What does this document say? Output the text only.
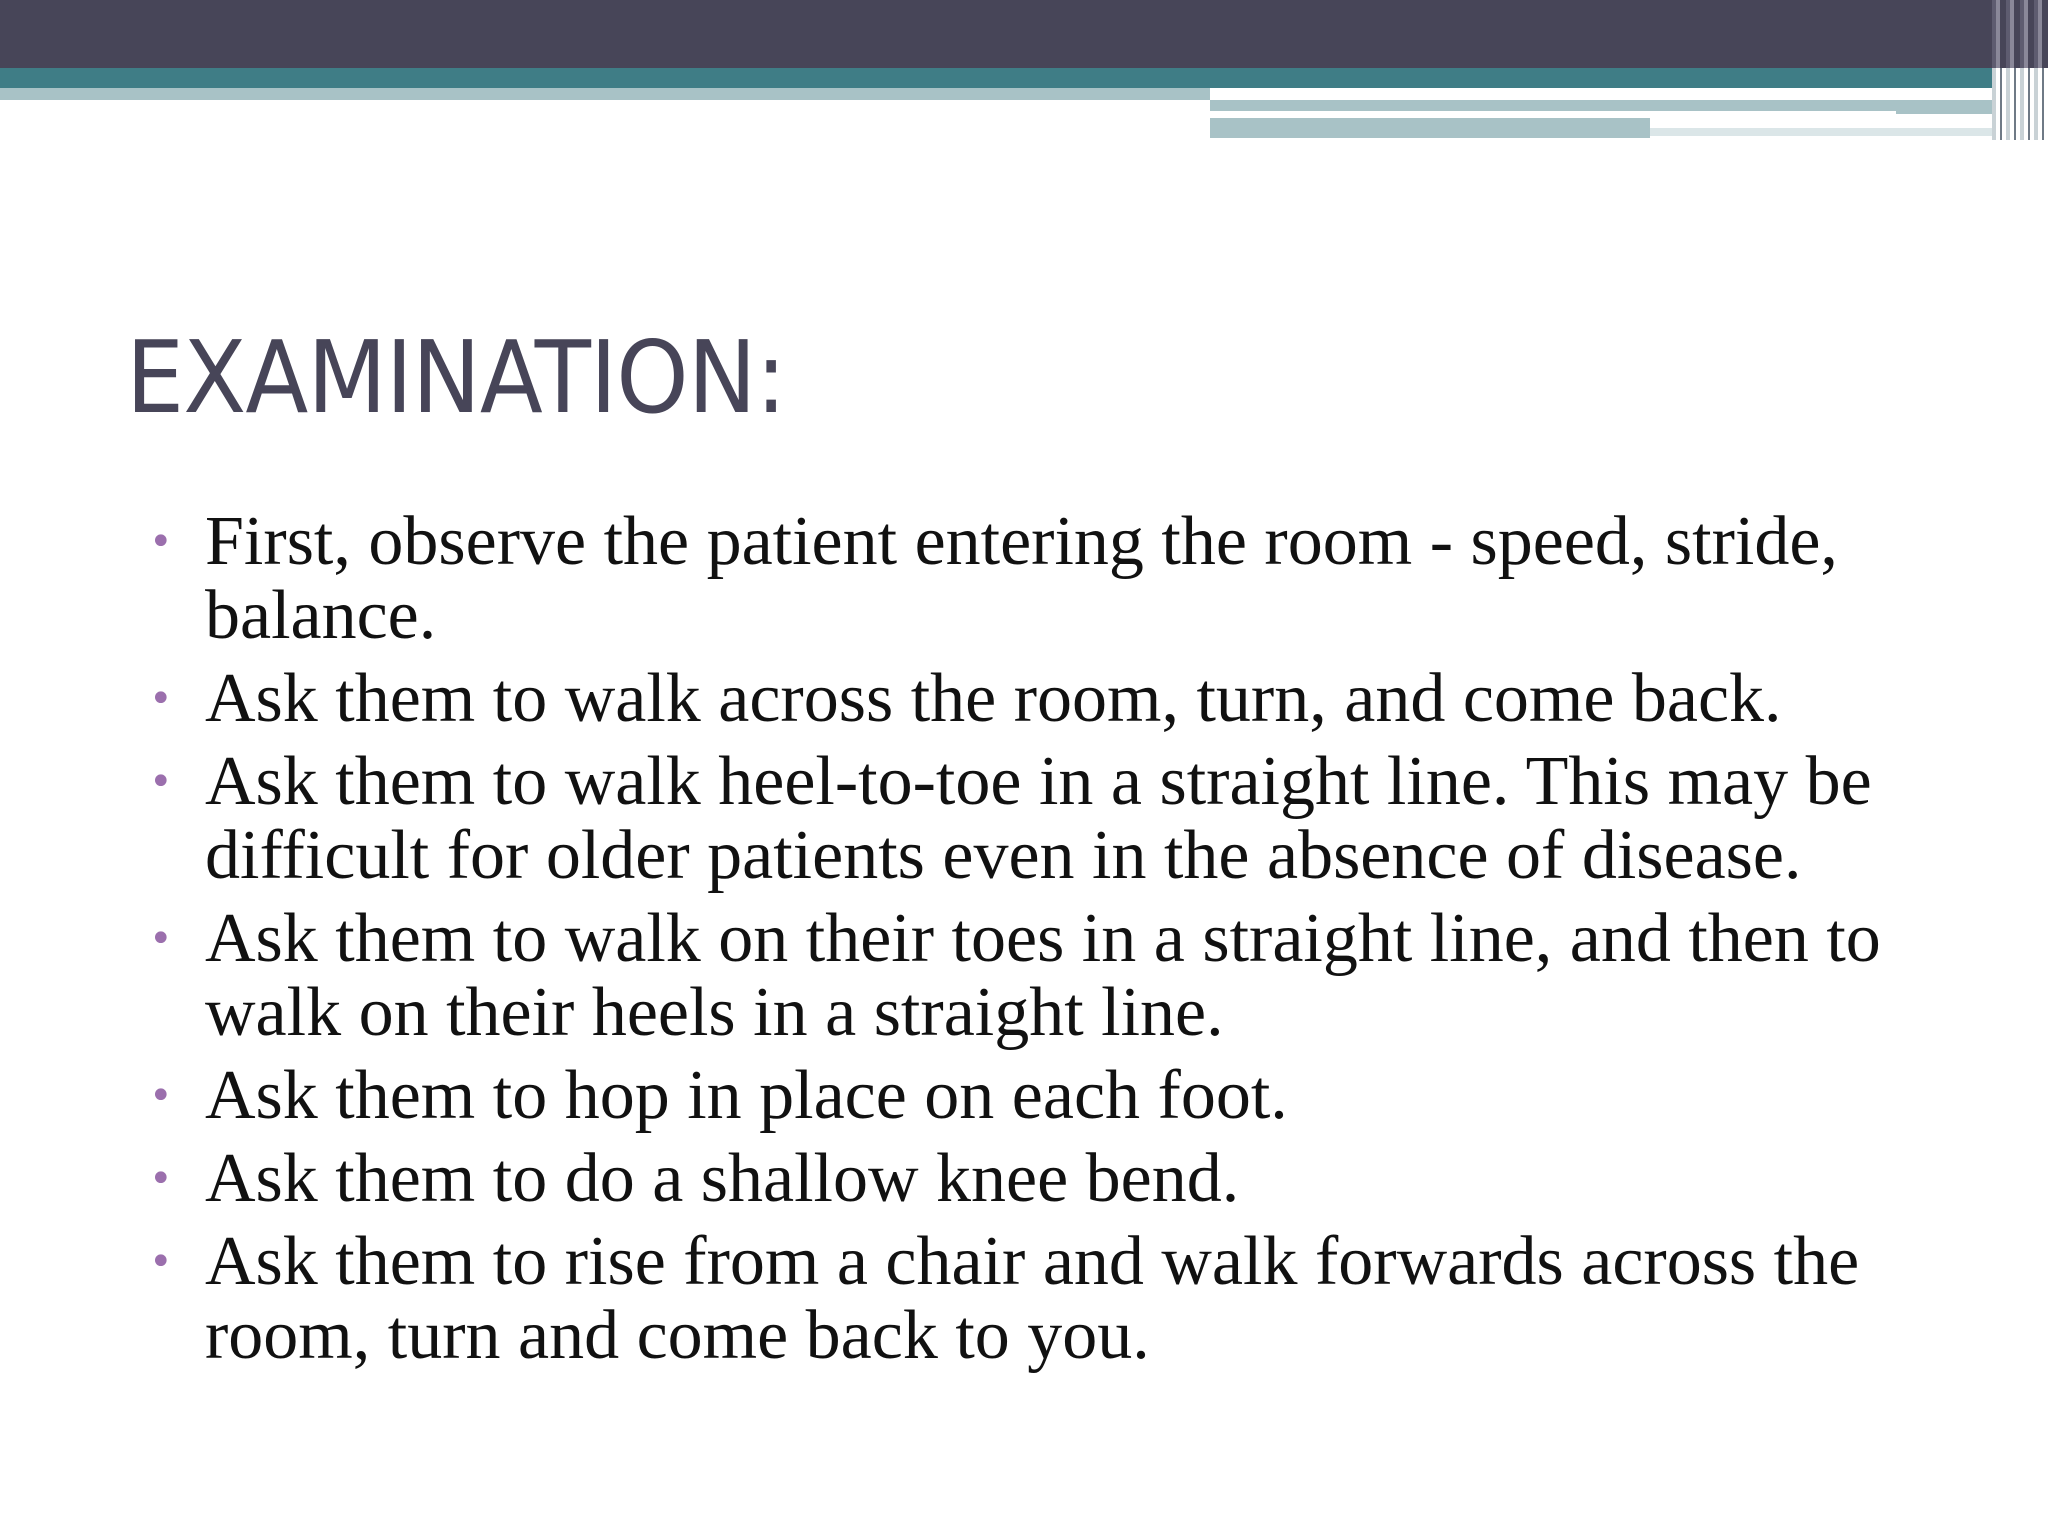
EXAMINATION:
• First, observe the patient entering the room - speed, stride, balance.
• Ask them to walk across the room, turn, and come back.
• Ask them to walk heel-to-toe in a straight line. This may be difficult for older patients even in the absence of disease.
• Ask them to walk on their toes in a straight line, and then to walk on their heels in a straight line.
• Ask them to hop in place on each foot.
• Ask them to do a shallow knee bend.
• Ask them to rise from a chair and walk forwards across the room, turn and come back to you.
